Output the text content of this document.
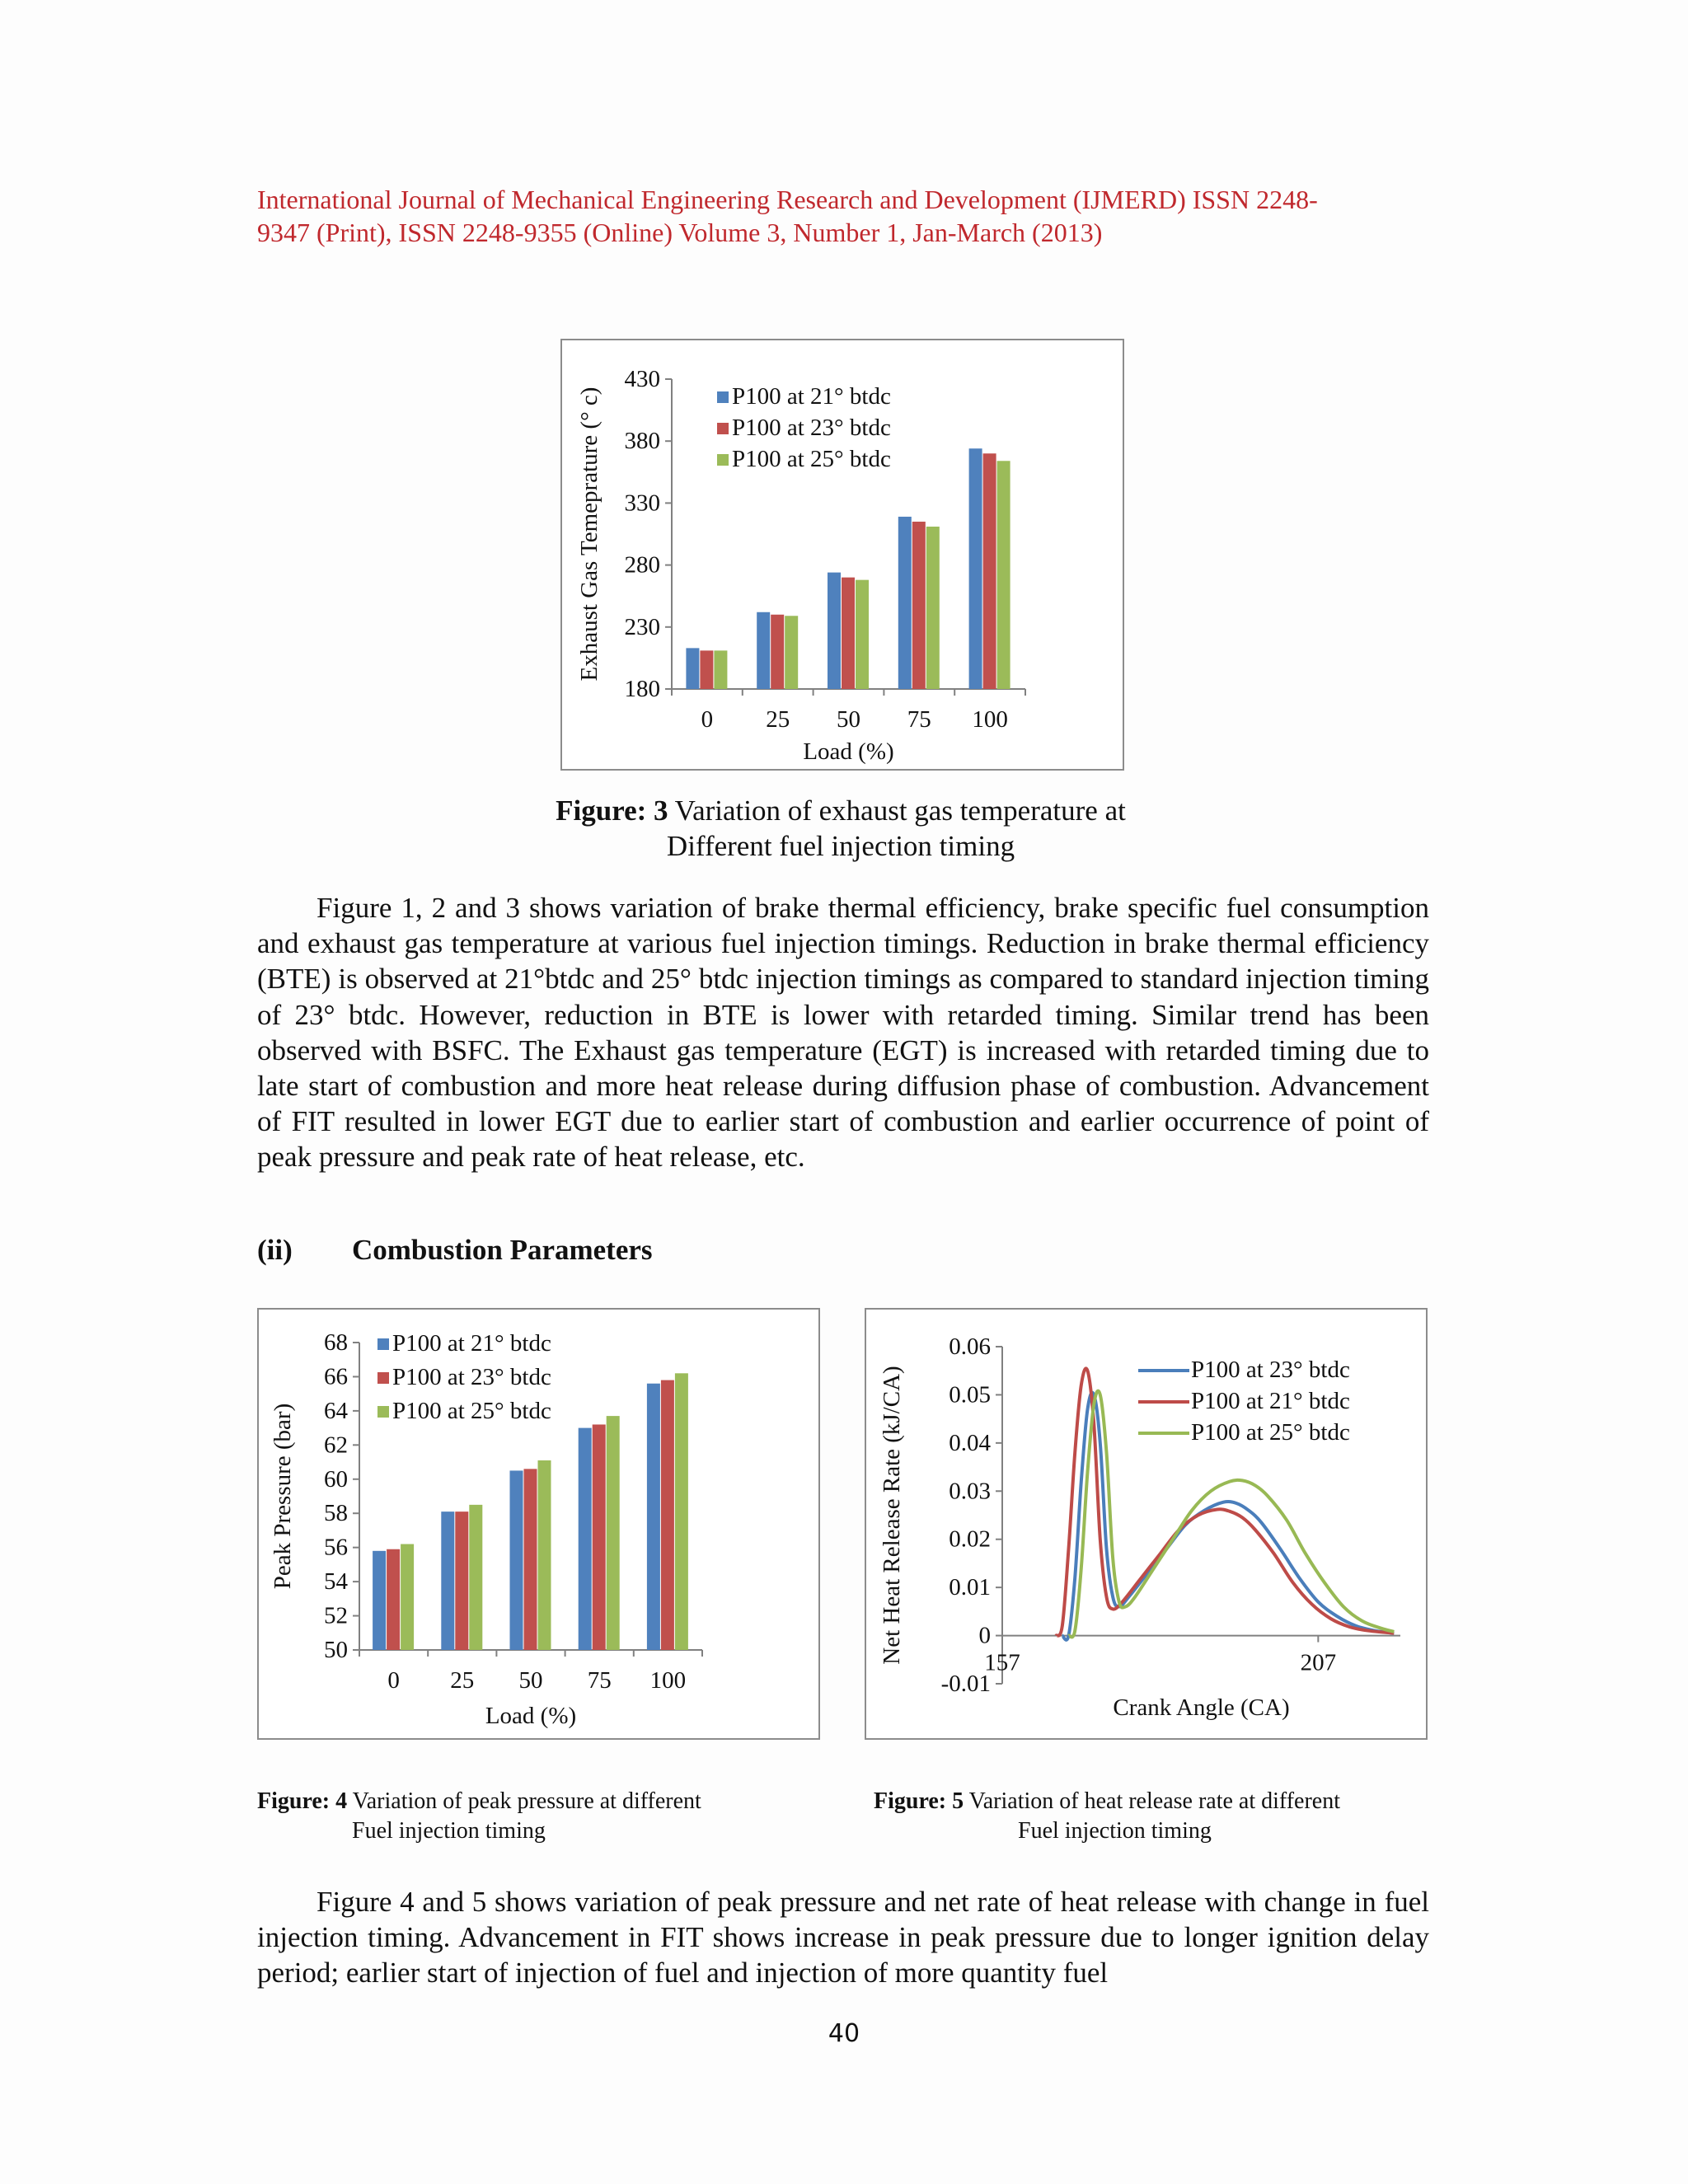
International Journal of Mechanical Engineering Research and Development (IJMERD) ISSN 2248-
9347 (Print), ISSN 2248-9355 (Online) Volume 3, Number 1, Jan-March (2013)
180
230
280
330
380
430
0 25 50 75 100
P100 at 21° btdc
P100 at 23° btdc
P100 at 25° btdc
Load (%)
Exhaust Gas Temeprature (° c)
Figure: 3 Variation of exhaust gas temperature at
Different fuel injection timing

Figure 1, 2 and 3 shows variation of brake thermal efficiency, brake specific fuel consumption and exhaust gas temperature at various fuel injection timings. Reduction in brake thermal efficiency (BTE) is observed at 21°btdc and 25° btdc injection timings as compared to standard injection timing of 23° btdc. However, reduction in BTE is lower with retarded timing. Similar trend has been observed with BSFC. The Exhaust gas temperature (EGT) is increased with retarded timing due to late start of combustion and more heat release during diffusion phase of combustion. Advancement of FIT resulted in lower EGT due to earlier start of combustion and earlier occurrence of point of peak pressure and peak rate of heat release, etc.

(ii) Combustion Parameters
50
52
54
56
58
60
62
64
66
68
0 25 50 75 100
P100 at 21° btdc
P100 at 23° btdc
P100 at 25° btdc
Load (%)
Peak Pressure (bar)
-0.01
0
0.01
0.02
0.03
0.04
0.05
0.06
157	207
P100 at 23° btdc
P100 at 21° btdc
P100 at 25° btdc
Crank Angle (CA)
Net Heat Release Rate (kJ/CA)
Figure: 4 Variation of peak pressure at different
Fuel injection timing
Figure: 5 Variation of heat release rate at different
Fuel injection timing

Figure 4 and 5 shows variation of peak pressure and net rate of heat release with change in fuel injection timing. Advancement in FIT shows increase in peak pressure due to longer ignition delay period; earlier start of injection of fuel and injection of more quantity fuel

40
